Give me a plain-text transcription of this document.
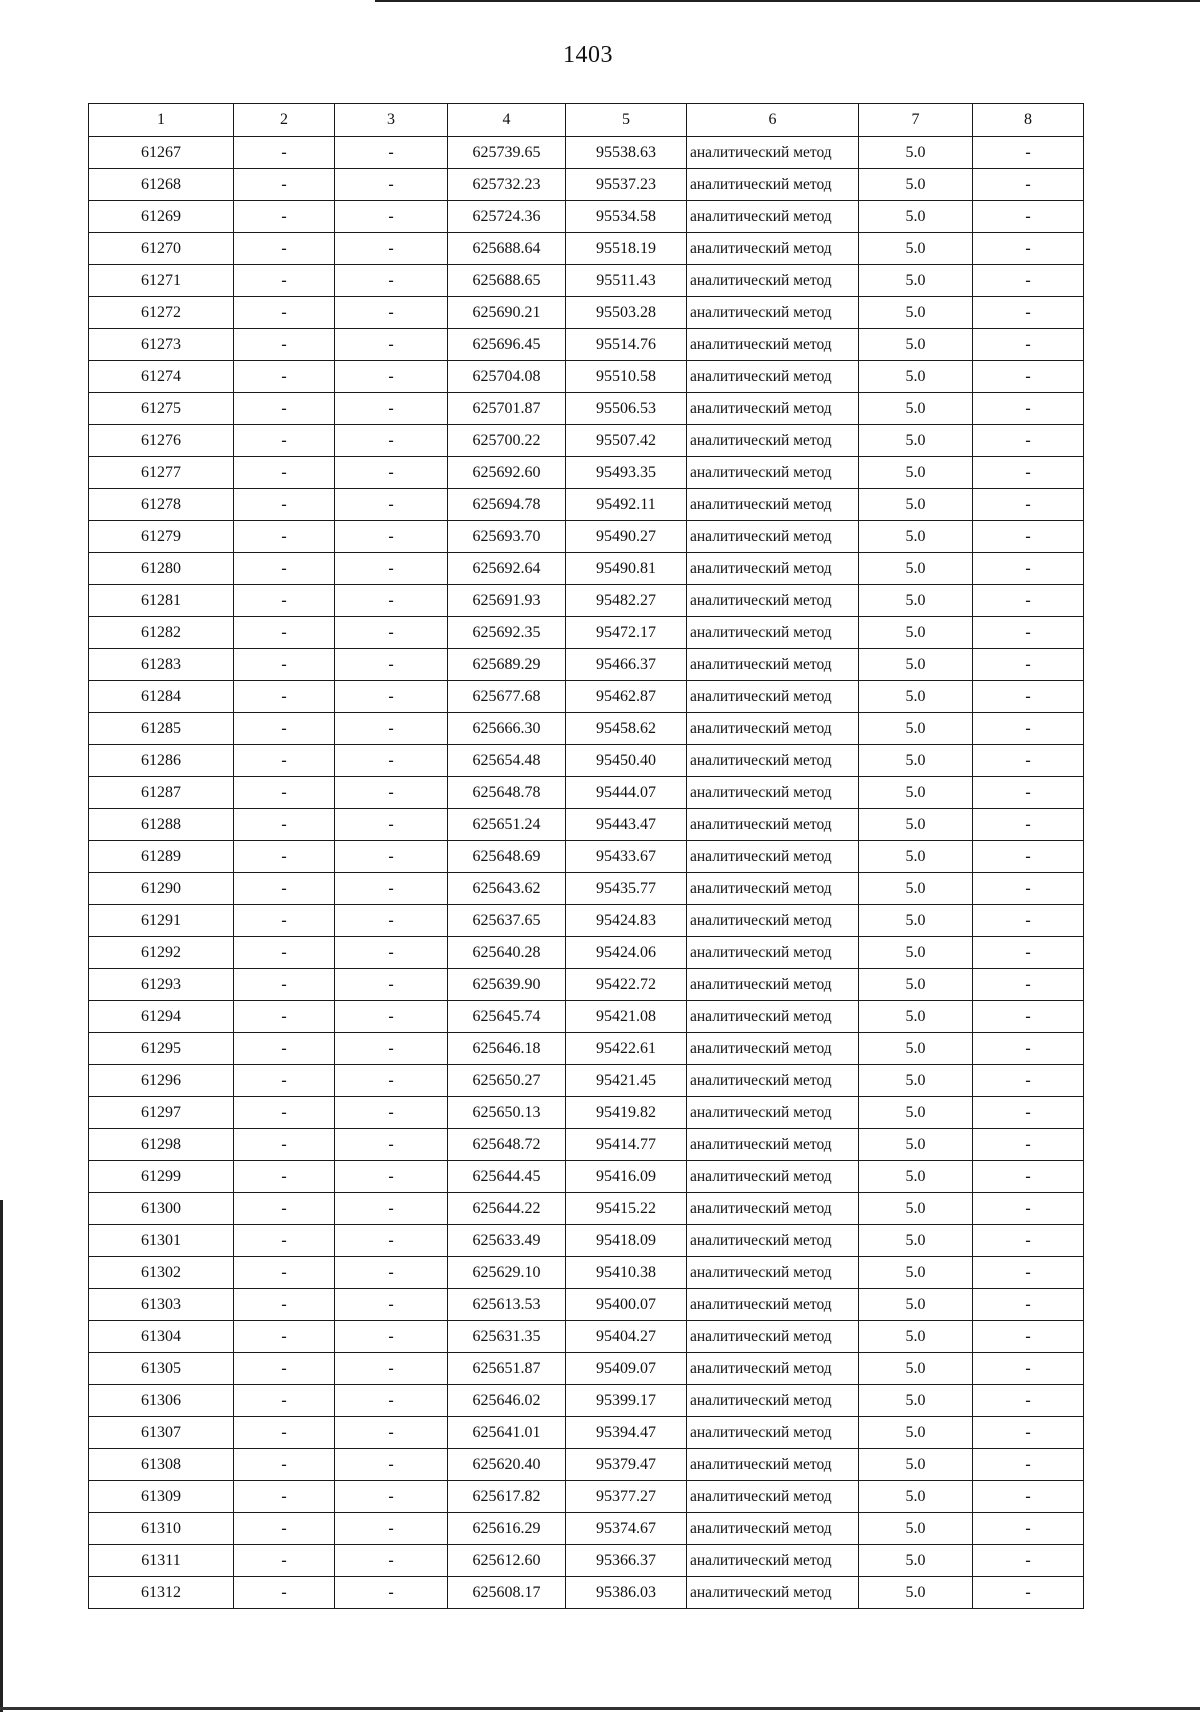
1403
1	2	3	4	5	6	7	8
61267	-	-	625739.65	95538.63	аналитический метод	5.0	-
61268	-	-	625732.23	95537.23	аналитический метод	5.0	-
61269	-	-	625724.36	95534.58	аналитический метод	5.0	-
61270	-	-	625688.64	95518.19	аналитический метод	5.0	-
61271	-	-	625688.65	95511.43	аналитический метод	5.0	-
61272	-	-	625690.21	95503.28	аналитический метод	5.0	-
61273	-	-	625696.45	95514.76	аналитический метод	5.0	-
61274	-	-	625704.08	95510.58	аналитический метод	5.0	-
61275	-	-	625701.87	95506.53	аналитический метод	5.0	-
61276	-	-	625700.22	95507.42	аналитический метод	5.0	-
61277	-	-	625692.60	95493.35	аналитический метод	5.0	-
61278	-	-	625694.78	95492.11	аналитический метод	5.0	-
61279	-	-	625693.70	95490.27	аналитический метод	5.0	-
61280	-	-	625692.64	95490.81	аналитический метод	5.0	-
61281	-	-	625691.93	95482.27	аналитический метод	5.0	-
61282	-	-	625692.35	95472.17	аналитический метод	5.0	-
61283	-	-	625689.29	95466.37	аналитический метод	5.0	-
61284	-	-	625677.68	95462.87	аналитический метод	5.0	-
61285	-	-	625666.30	95458.62	аналитический метод	5.0	-
61286	-	-	625654.48	95450.40	аналитический метод	5.0	-
61287	-	-	625648.78	95444.07	аналитический метод	5.0	-
61288	-	-	625651.24	95443.47	аналитический метод	5.0	-
61289	-	-	625648.69	95433.67	аналитический метод	5.0	-
61290	-	-	625643.62	95435.77	аналитический метод	5.0	-
61291	-	-	625637.65	95424.83	аналитический метод	5.0	-
61292	-	-	625640.28	95424.06	аналитический метод	5.0	-
61293	-	-	625639.90	95422.72	аналитический метод	5.0	-
61294	-	-	625645.74	95421.08	аналитический метод	5.0	-
61295	-	-	625646.18	95422.61	аналитический метод	5.0	-
61296	-	-	625650.27	95421.45	аналитический метод	5.0	-
61297	-	-	625650.13	95419.82	аналитический метод	5.0	-
61298	-	-	625648.72	95414.77	аналитический метод	5.0	-
61299	-	-	625644.45	95416.09	аналитический метод	5.0	-
61300	-	-	625644.22	95415.22	аналитический метод	5.0	-
61301	-	-	625633.49	95418.09	аналитический метод	5.0	-
61302	-	-	625629.10	95410.38	аналитический метод	5.0	-
61303	-	-	625613.53	95400.07	аналитический метод	5.0	-
61304	-	-	625631.35	95404.27	аналитический метод	5.0	-
61305	-	-	625651.87	95409.07	аналитический метод	5.0	-
61306	-	-	625646.02	95399.17	аналитический метод	5.0	-
61307	-	-	625641.01	95394.47	аналитический метод	5.0	-
61308	-	-	625620.40	95379.47	аналитический метод	5.0	-
61309	-	-	625617.82	95377.27	аналитический метод	5.0	-
61310	-	-	625616.29	95374.67	аналитический метод	5.0	-
61311	-	-	625612.60	95366.37	аналитический метод	5.0	-
61312	-	-	625608.17	95386.03	аналитический метод	5.0	-
